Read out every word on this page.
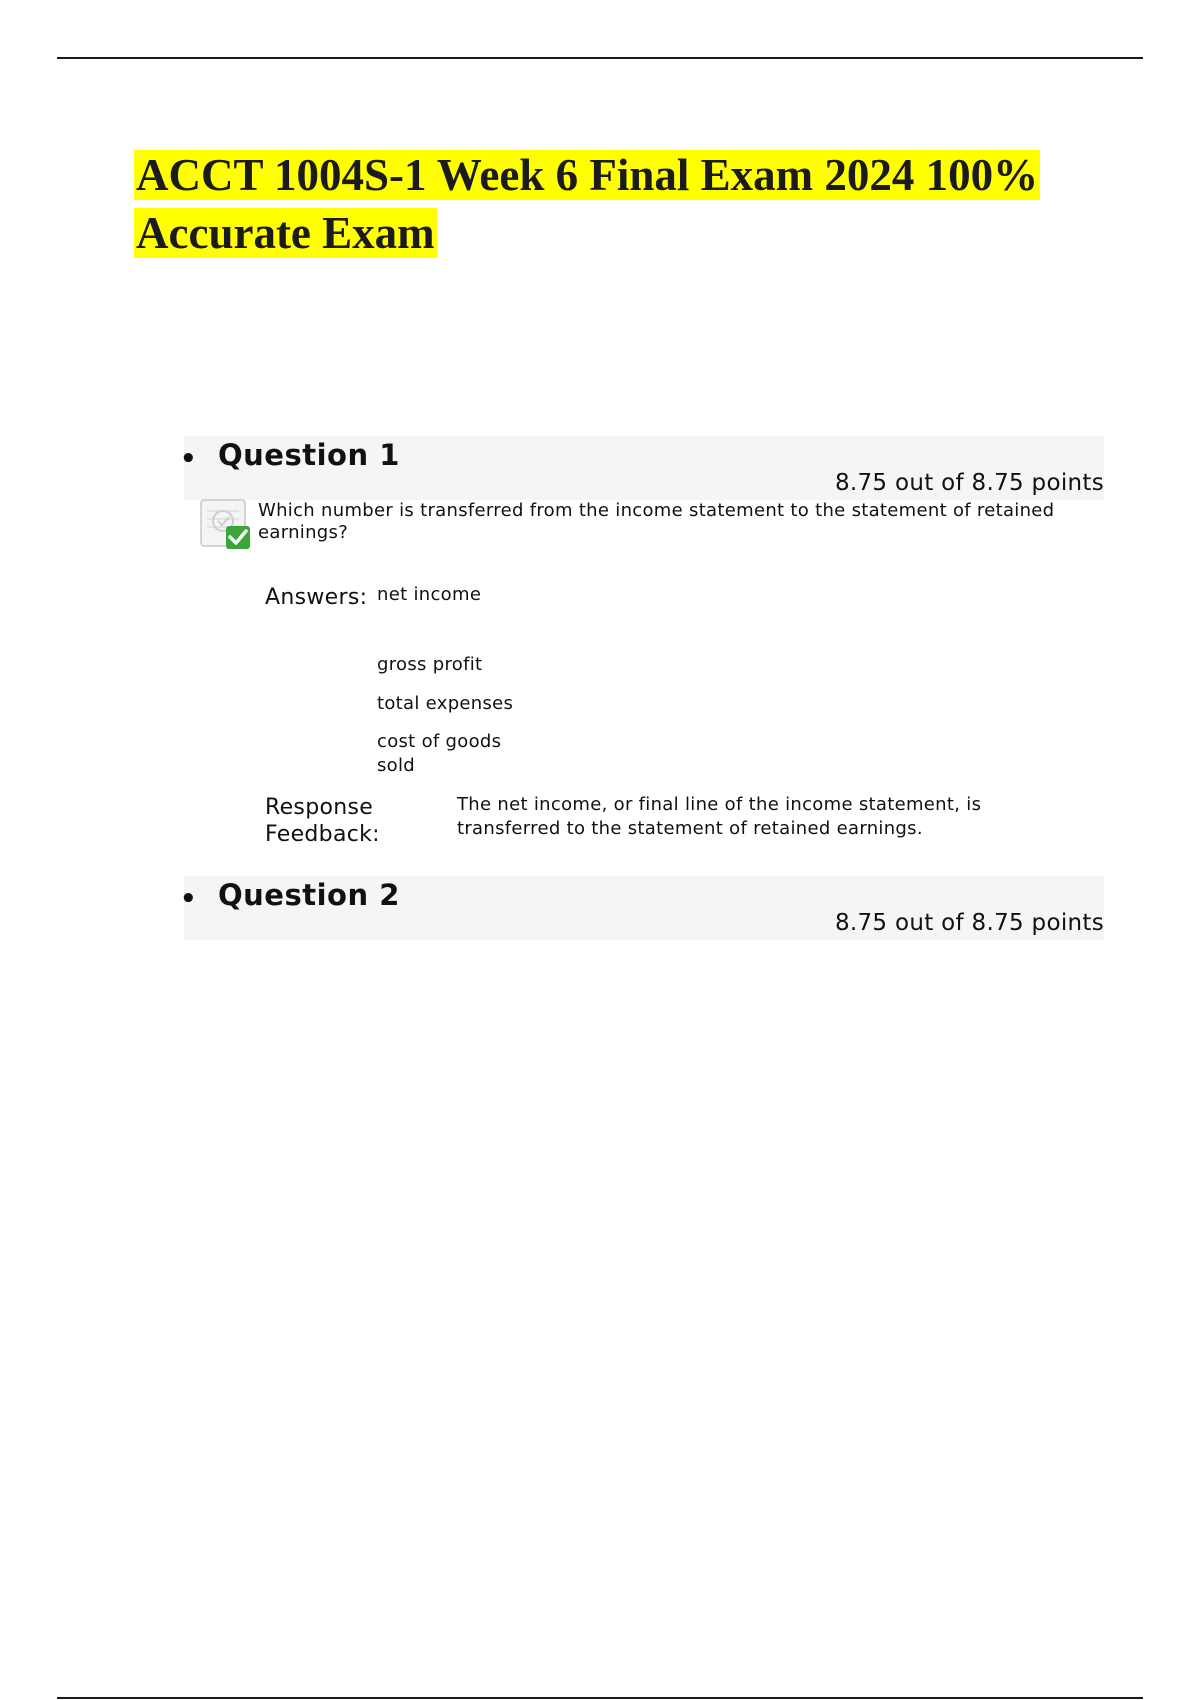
ACCT 1004S-1 Week 6 Final Exam 2024 100%
Accurate Exam
• Question 1
8.75 out of 8.75 points
Which number is transferred from the income statement to the statement of retained earnings?
Answers: net income
gross profit
total expenses
cost of goods sold
Response Feedback:
The net income, or final line of the income statement, is transferred to the statement of retained earnings.
• Question 2
8.75 out of 8.75 points
